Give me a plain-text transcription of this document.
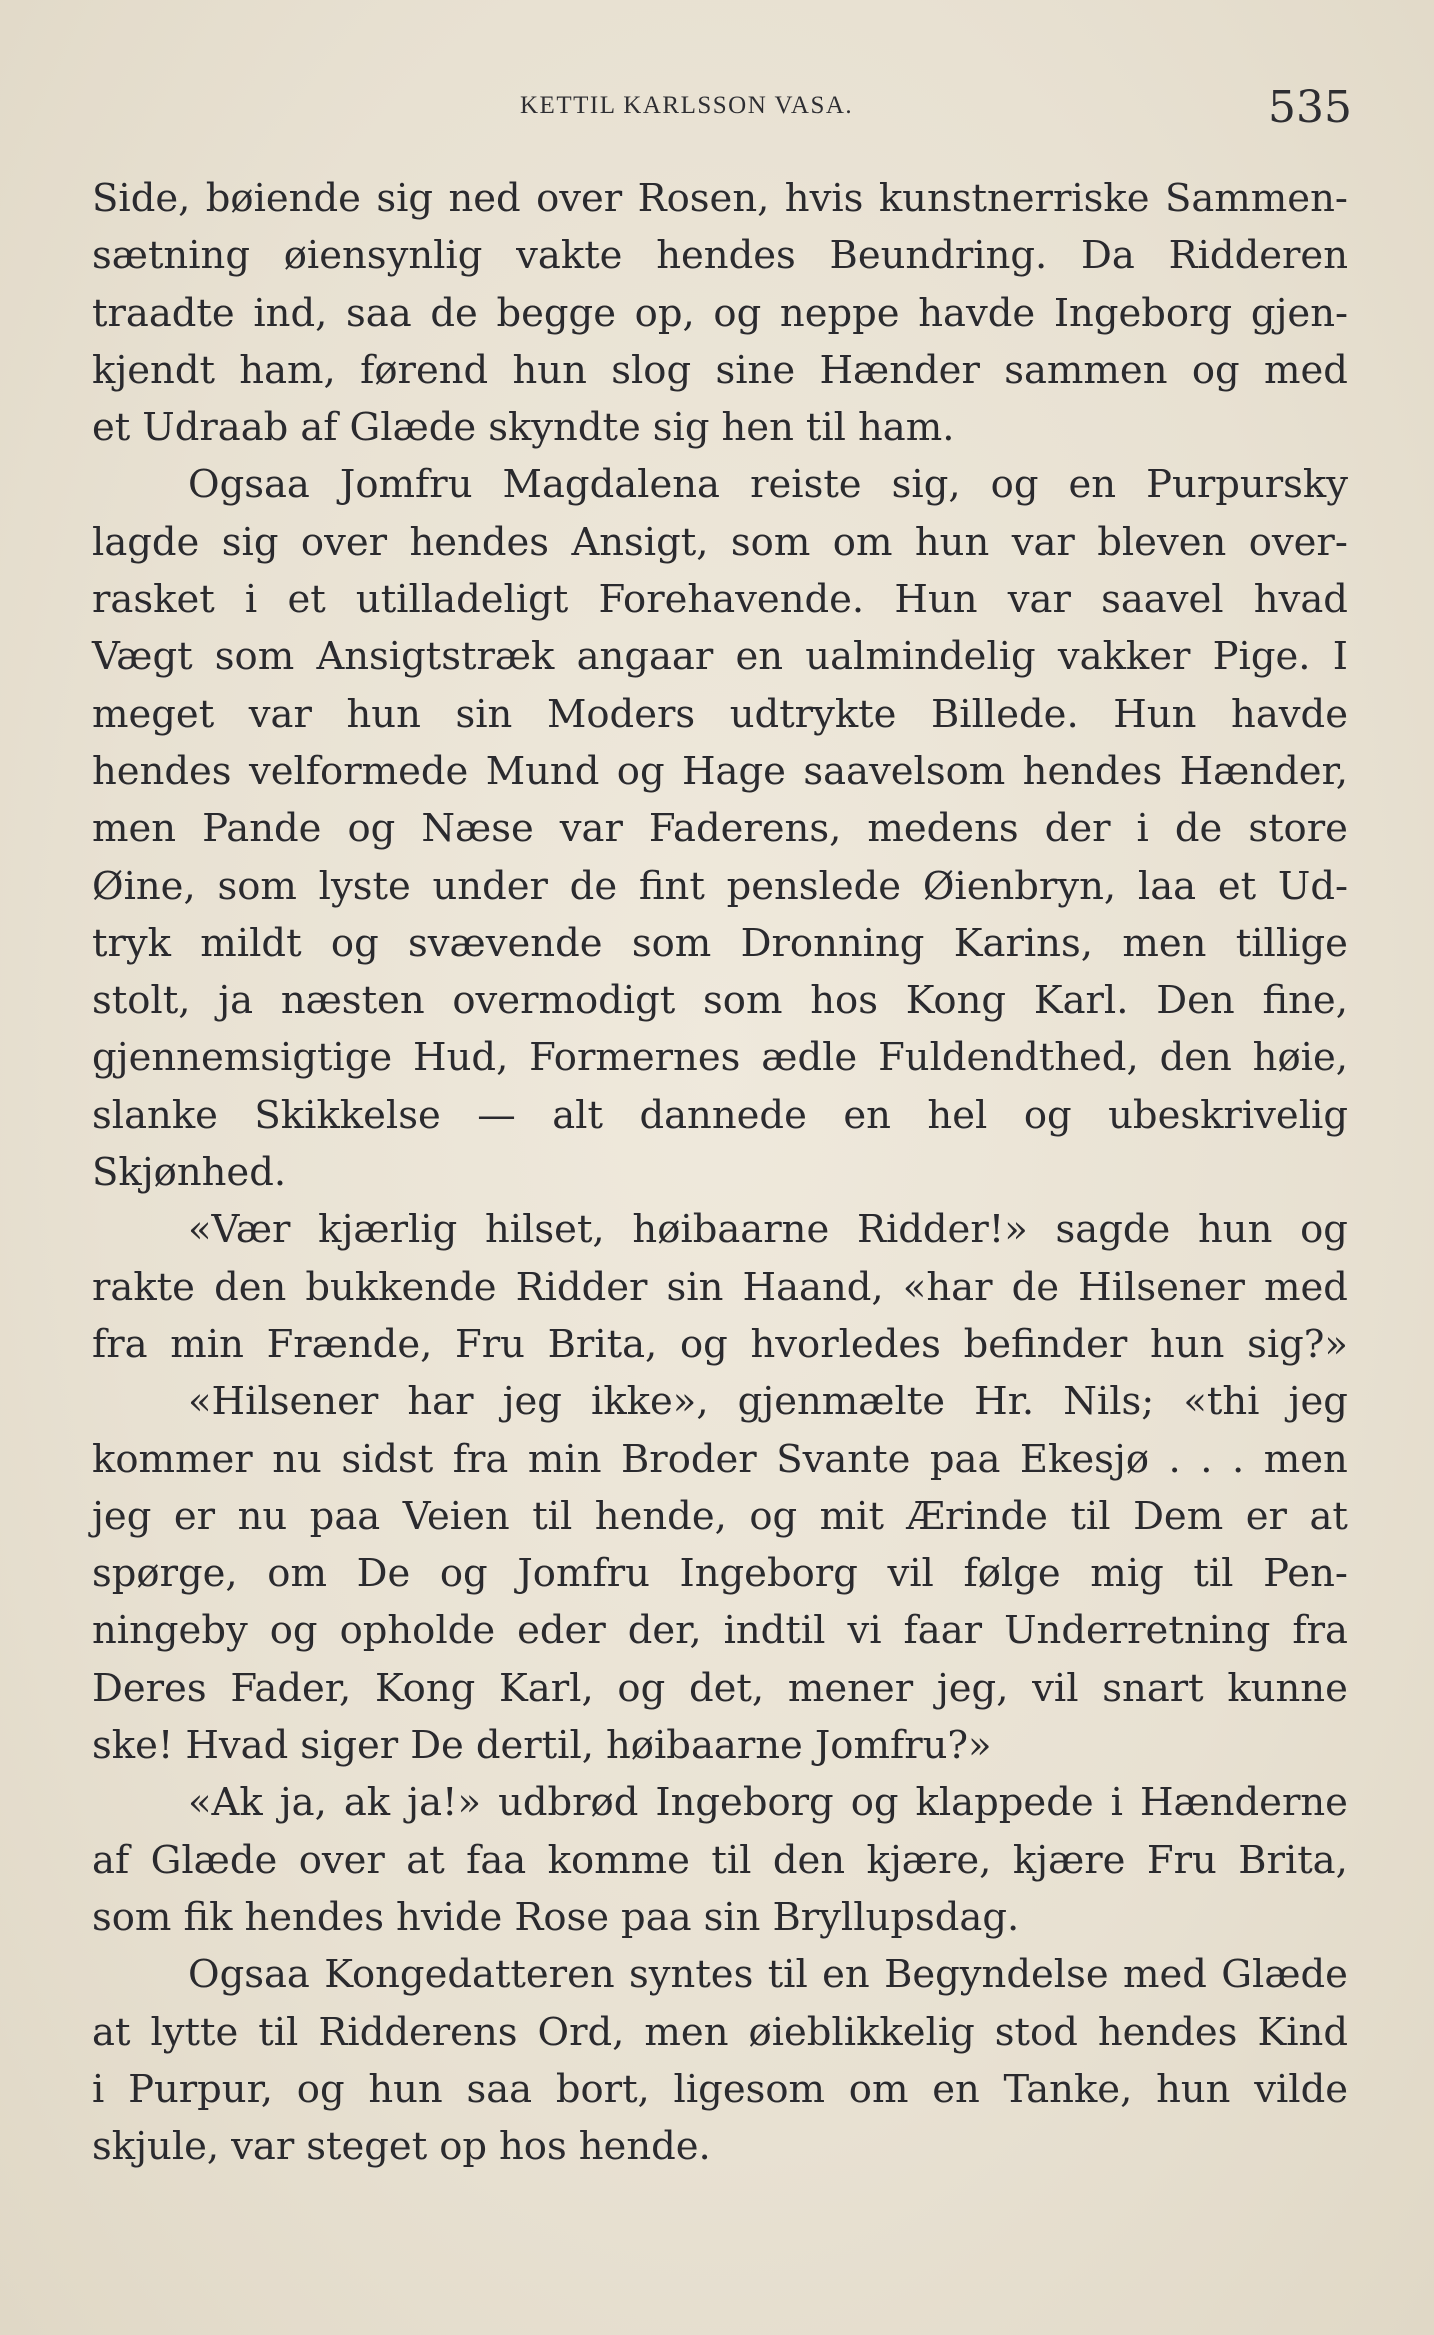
KETTIL KARLSSON VASA.	535
Side, bøiende sig ned over Rosen, hvis kunstnerriske Sammen-
sætning øiensynlig vakte hendes Beundring. Da Ridderen
traadte ind, saa de begge op, og neppe havde Ingeborg gjen-
kjendt ham, førend hun slog sine Hænder sammen og med
et Udraab af Glæde skyndte sig hen til ham.
Ogsaa Jomfru Magdalena reiste sig, og en Purpursky
lagde sig over hendes Ansigt, som om hun var bleven over-
rasket i et utilladeligt Forehavende. Hun var saavel hvad
Vægt som Ansigtstræk angaar en ualmindelig vakker Pige. I
meget var hun sin Moders udtrykte Billede. Hun havde
hendes velformede Mund og Hage saavelsom hendes Hænder,
men Pande og Næse var Faderens, medens der i de store
Øine, som lyste under de fint penslede Øienbryn, laa et Ud-
tryk mildt og svævende som Dronning Karins, men tillige
stolt, ja næsten overmodigt som hos Kong Karl. Den fine,
gjennemsigtige Hud, Formernes ædle Fuldendthed, den høie,
slanke Skikkelse — alt dannede en hel og ubeskrivelig
Skjønhed.
«Vær kjærlig hilset, høibaarne Ridder!» sagde hun og
rakte den bukkende Ridder sin Haand, «har de Hilsener med
fra min Frænde, Fru Brita, og hvorledes befinder hun sig?»
«Hilsener har jeg ikke», gjenmælte Hr. Nils; «thi jeg
kommer nu sidst fra min Broder Svante paa Ekesjø . . . men
jeg er nu paa Veien til hende, og mit Ærinde til Dem er at
spørge, om De og Jomfru Ingeborg vil følge mig til Pen-
ningeby og opholde eder der, indtil vi faar Underretning fra
Deres Fader, Kong Karl, og det, mener jeg, vil snart kunne
ske! Hvad siger De dertil, høibaarne Jomfru?»
«Ak ja, ak ja!» udbrød Ingeborg og klappede i Hænderne
af Glæde over at faa komme til den kjære, kjære Fru Brita,
som fik hendes hvide Rose paa sin Bryllupsdag.
Ogsaa Kongedatteren syntes til en Begyndelse med Glæde
at lytte til Ridderens Ord, men øieblikkelig stod hendes Kind
i Purpur, og hun saa bort, ligesom om en Tanke, hun vilde
skjule, var steget op hos hende.
